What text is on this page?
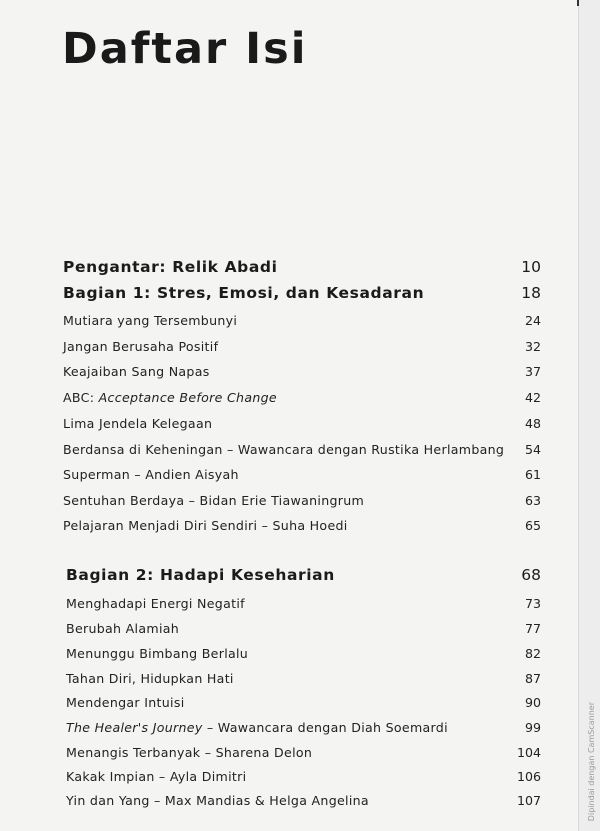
Daftar Isi
Pengantar: Relik Abadi	10
Bagian 1: Stres, Emosi, dan Kesadaran	18
Mutiara yang Tersembunyi	24
Jangan Berusaha Positif	32
Keajaiban Sang Napas	37
ABC: Acceptance Before Change	42
Lima Jendela Kelegaan	48
Berdansa di Keheningan – Wawancara dengan Rustika Herlambang 54
Superman – Andien Aisyah	61
Sentuhan Berdaya – Bidan Erie Tiawaningrum	63
Pelajaran Menjadi Diri Sendiri – Suha Hoedi	65
Bagian 2: Hadapi Keseharian	68
Menghadapi Energi Negatif	73
Berubah Alamiah	77
Menunggu Bimbang Berlalu	82
Tahan Diri, Hidupkan Hati	87
Mendengar Intuisi	90
The Healer's Journey – Wawancara dengan Diah Soemardi	99
Menangis Terbanyak – Sharena Delon	104
Kakak Impian – Ayla Dimitri	106
Yin dan Yang – Max Mandias & Helga Angelina	107	Dipindai dengan CamScanner
